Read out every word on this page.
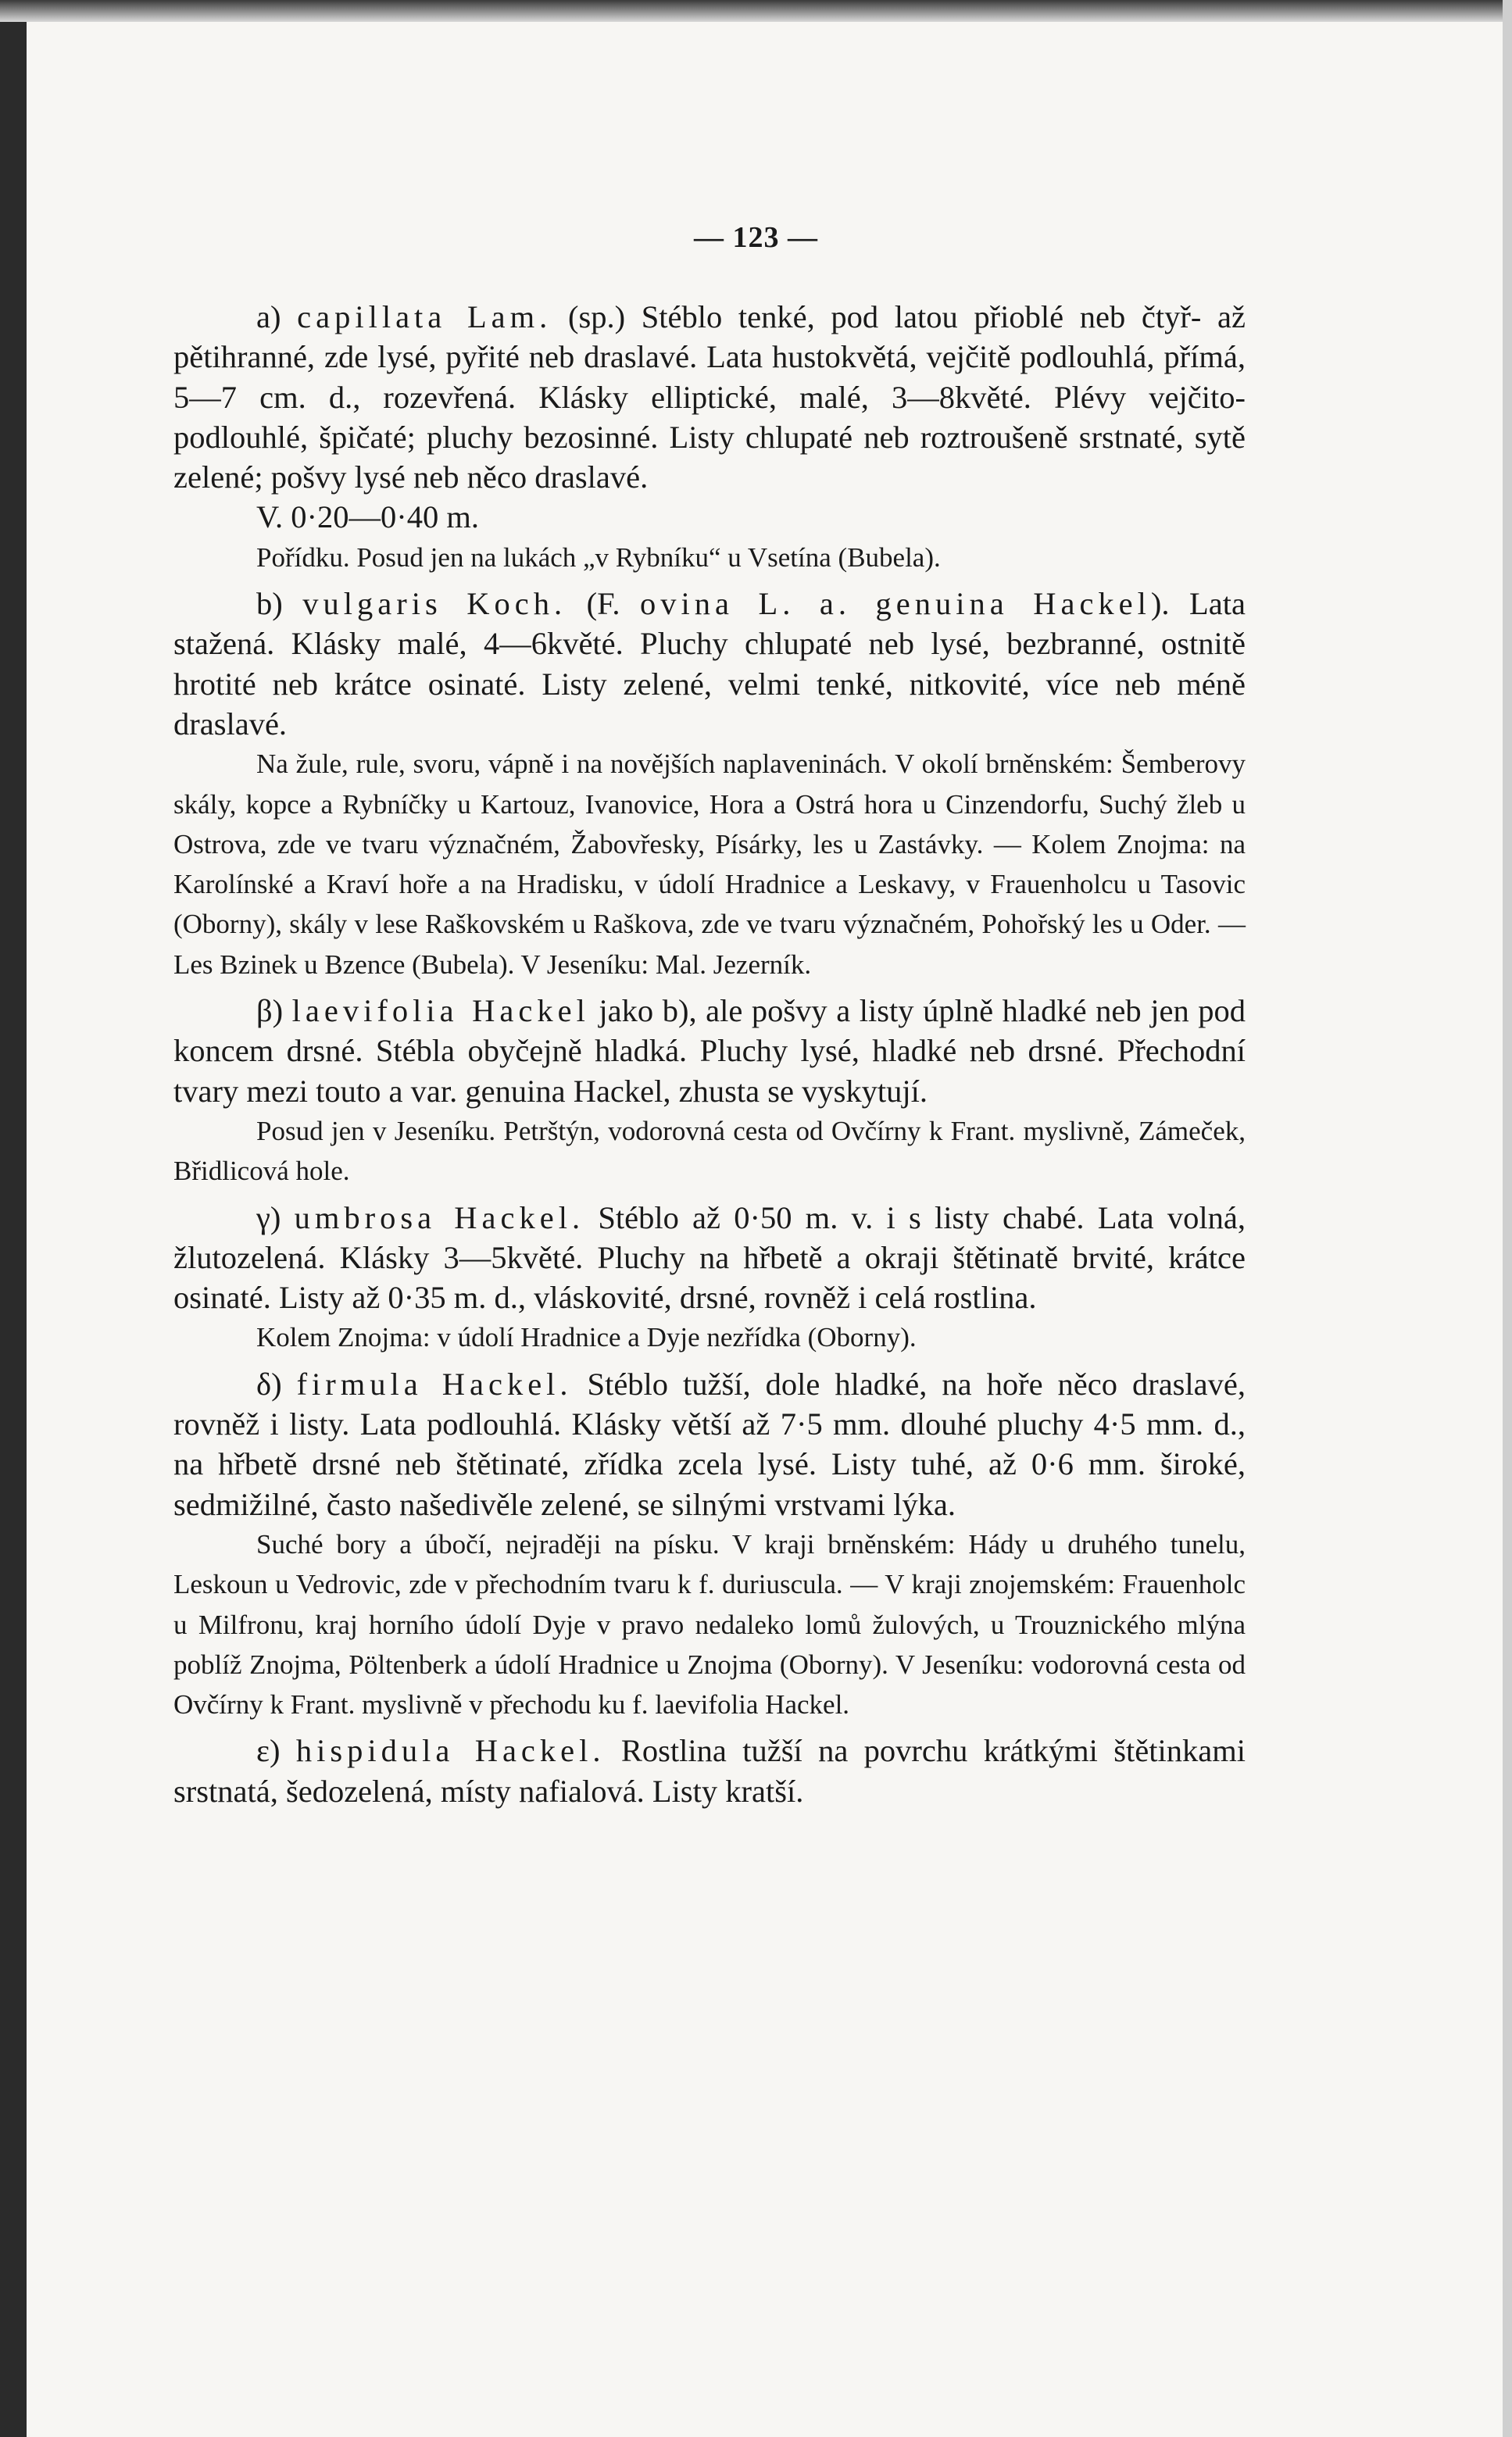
— 123 —

a) capillata Lam. (sp.) Stéblo tenké, pod latou přioblé neb čtyř- až pětihranné, zde lysé, pyřité neb draslavé. Lata hustokvětá, vejčitě podlouhlá, přímá, 5—7 cm. d., rozevřená. Klásky elliptické, malé, 3—8květé. Plévy vejčito-podlouhlé, špičaté; pluchy bezosinné. Listy chlupaté neb roztroušeně srstnaté, sytě zelené; pošvy lysé neb něco draslavé.

V. 0·20—0·40 m.

Pořídku. Posud jen na lukách „v Rybníku“ u Vsetína (Bubela).

b) vulgaris Koch. (F. ovina L. a. genuina Hackel). Lata stažená. Klásky malé, 4—6květé. Pluchy chlupaté neb lysé, bezbranné, ostnitě hrotité neb krátce osinaté. Listy zelené, velmi tenké, nitkovité, více neb méně draslavé.

Na žule, rule, svoru, vápně i na novějších naplaveninách. V okolí brněnském: Šemberovy skály, kopce a Rybníčky u Kartouz, Ivanovice, Hora a Ostrá hora u Cinzendorfu, Suchý žleb u Ostrova, zde ve tvaru význačném, Žabovřesky, Písárky, les u Zastávky. — Kolem Znojma: na Karolínské a Kraví hoře a na Hradisku, v údolí Hradnice a Leskavy, v Frauenholcu u Tasovic (Oborny), skály v lese Raškovském u Raškova, zde ve tvaru význačném, Pohořský les u Oder. — Les Bzinek u Bzence (Bubela). V Jeseníku: Mal. Jezerník.

β) laevifolia Hackel jako b), ale pošvy a listy úplně hladké neb jen pod koncem drsné. Stébla obyčejně hladká. Pluchy lysé, hladké neb drsné. Přechodní tvary mezi touto a var. genuina Hackel, zhusta se vyskytují.

Posud jen v Jeseníku. Petrštýn, vodorovná cesta od Ovčírny k Frant. myslivně, Zámeček, Břidlicová hole.

γ) umbrosa Hackel. Stéblo až 0·50 m. v. i s listy chabé. Lata volná, žlutozelená. Klásky 3—5květé. Pluchy na hřbetě a okraji štětinatě brvité, krátce osinaté. Listy až 0·35 m. d., vláskovité, drsné, rovněž i celá rostlina.

Kolem Znojma: v údolí Hradnice a Dyje nezřídka (Oborny).

δ) firmula Hackel. Stéblo tužší, dole hladké, na hoře něco draslavé, rovněž i listy. Lata podlouhlá. Klásky větší až 7·5 mm. dlouhé pluchy 4·5 mm. d., na hřbetě drsné neb štětinaté, zřídka zcela lysé. Listy tuhé, až 0·6 mm. široké, sedmižilné, často našedivěle zelené, se silnými vrstvami lýka.

Suché bory a úbočí, nejraději na písku. V kraji brněnském: Hády u druhého tunelu, Leskoun u Vedrovic, zde v přechodním tvaru k f. duriuscula. — V kraji znojemském: Frauenholc u Milfronu, kraj horního údolí Dyje v pravo nedaleko lomů žulových, u Trouznického mlýna poblíž Znojma, Pöltenberk a údolí Hradnice u Znojma (Oborny). V Jeseníku: vodorovná cesta od Ovčírny k Frant. myslivně v přechodu ku f. laevifolia Hackel.

ε) hispidula Hackel. Rostlina tužší na povrchu krátkými štětinkami srstnatá, šedozelená, místy nafialová. Listy kratší.
